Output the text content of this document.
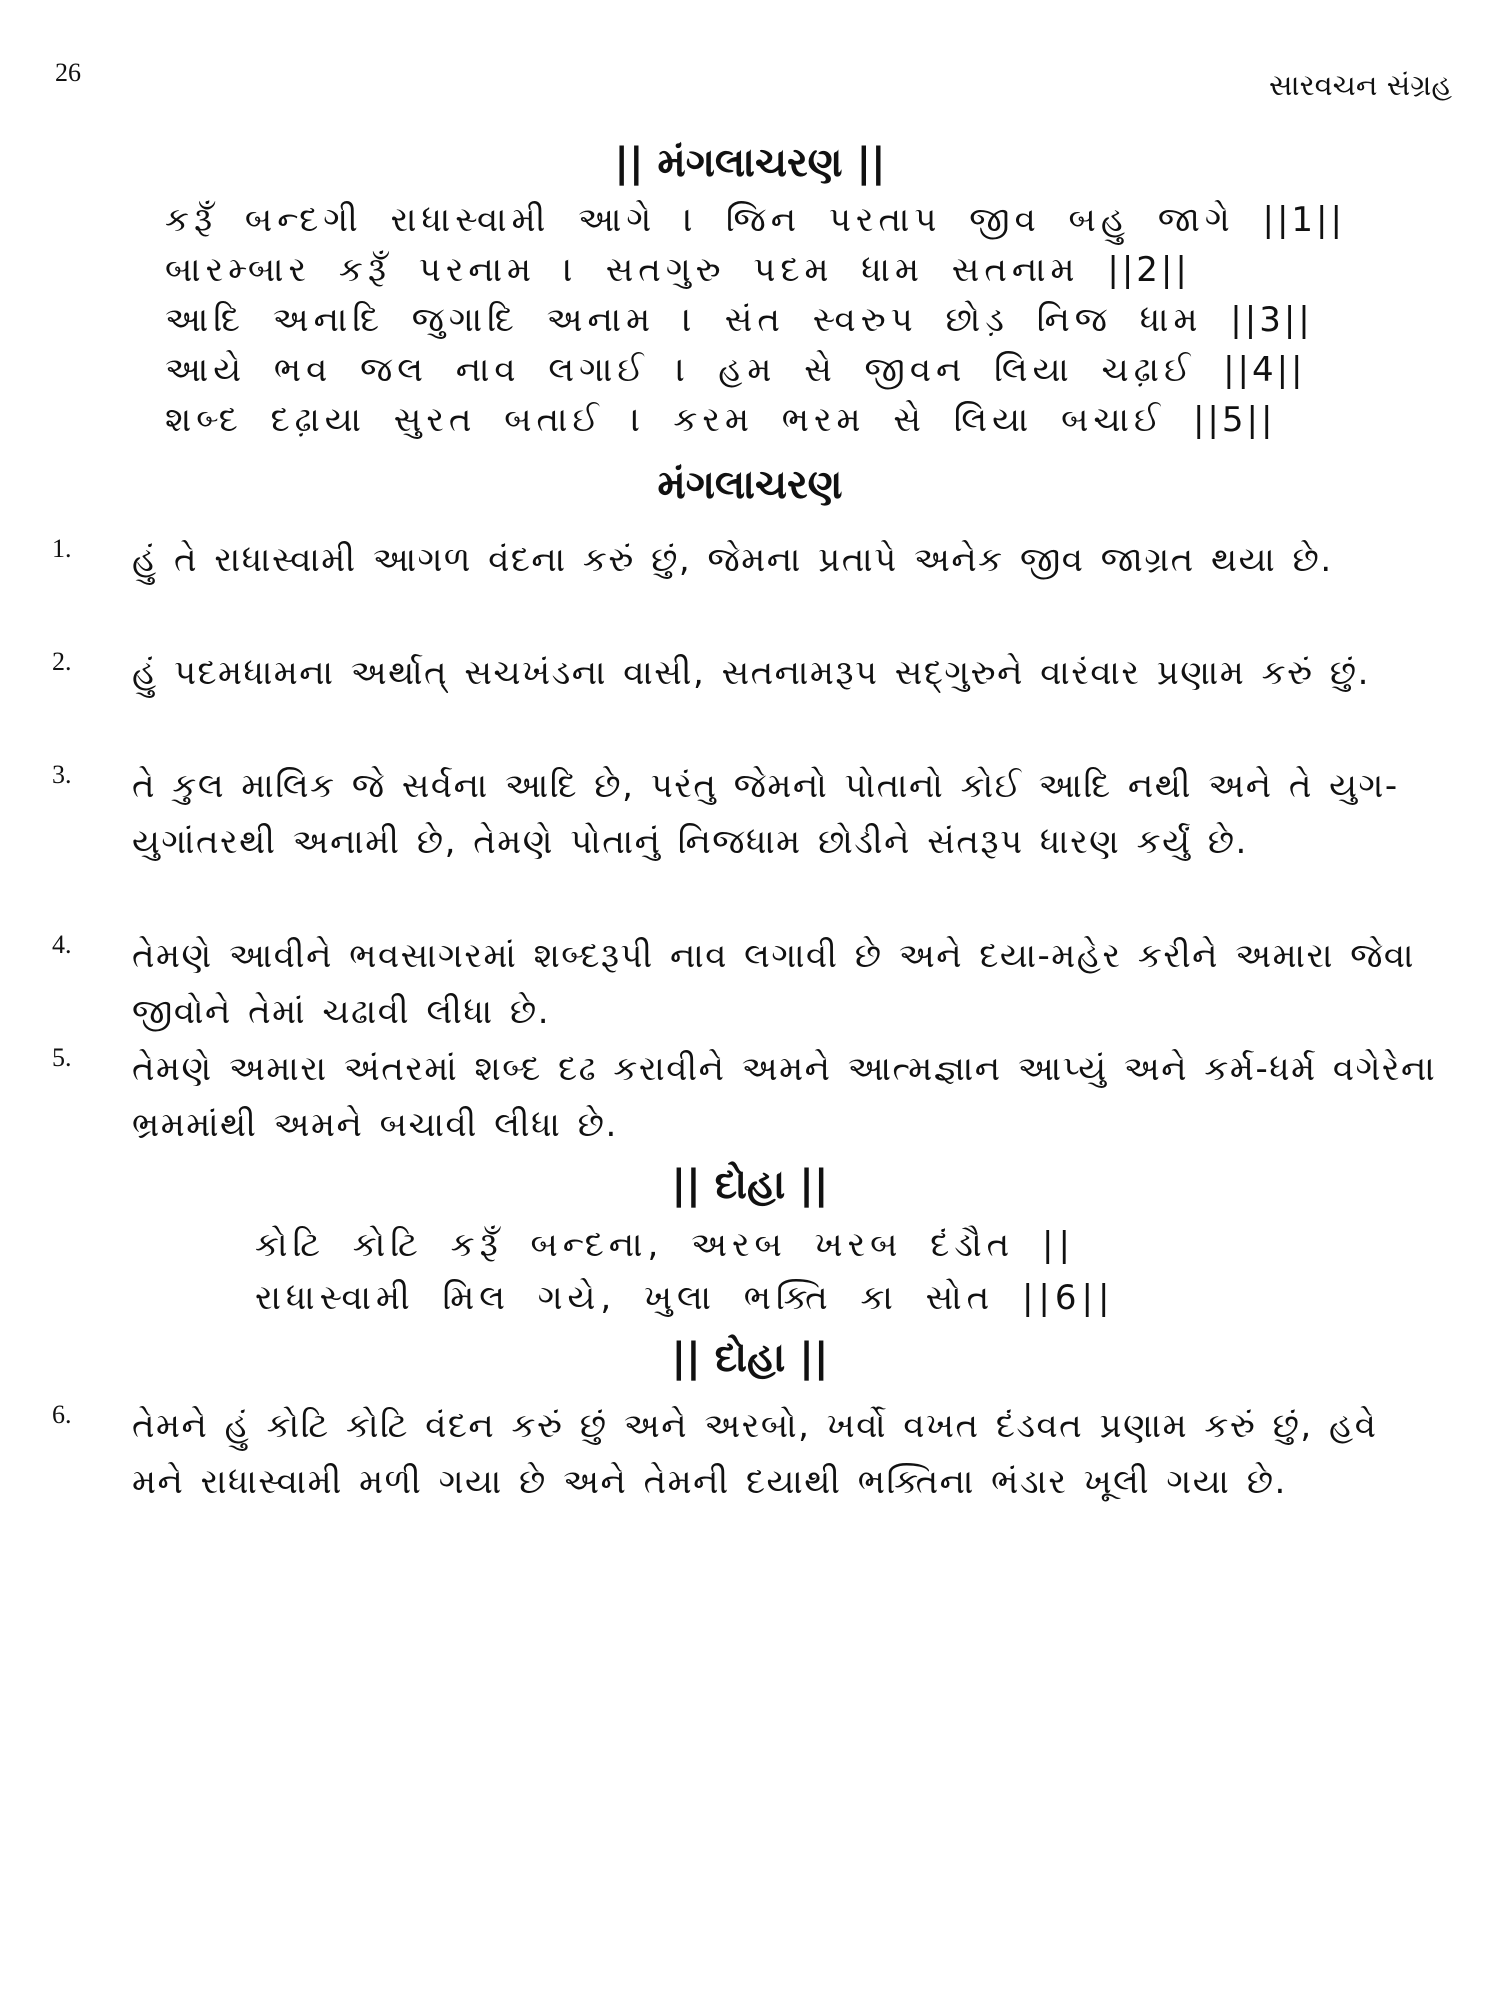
26	સારવચન સંગ્રહ
|| મંગલાચરણ ||
કરૂઁ બન્દગી રાધાસ્વામી આગે । જિન પરતાપ જીવ બહુ જાગે ||1||
બારમ્બાર કરૂઁ પરનામ । સતગુરુ પદમ ધામ સતનામ ||2||
આદિ અનાદિ જુગાદિ અનામ । સંત સ્વરુપ છોડ઼ નિજ ધામ ||3||
આયે ભવ જલ નાવ લગાઈ । હમ સે જીવન લિયા ચઢ઼ાઈ ||4||
શબ્દ દઢ઼ાયા સુરત બતાઈ । કરમ ભરમ સે લિયા બચાઈ ||5||
મંગલાચરણ
1. હું તે રાધાસ્વામી આગળ વંદના કરું છું, જેમના પ્રતાપે અનેક જીવ જાગ્રત થયા છે.
2. હું પદમધામના અર્થાત્ સચખંડના વાસી, સતનામરૂપ સદ્ગુરુને વારંવાર પ્રણામ કરું છું.
3. તે કુલ માલિક જે સર્વના આદિ છે, પરંતુ જેમનો પોતાનો કોઈ આદિ નથી અને તે યુગ-યુગાંતરથી અનામી છે, તેમણે પોતાનું નિજધામ છોડીને સંતરૂપ ધારણ કર્યું છે.
4. તેમણે આવીને ભવસાગરમાં શબ્દરૂપી નાવ લગાવી છે અને દયા-મહેર કરીને અમારા જેવા જીવોને તેમાં ચઢાવી લીધા છે.
5. તેમણે અમારા અંતરમાં શબ્દ દઢ કરાવીને અમને આત્મજ્ઞાન આપ્યું અને કર્મ-ધર્મ વગેરેના ભ્રમમાંથી અમને બચાવી લીધા છે.
|| દોહા ||
કોટિ કોટિ કરૂઁ બન્દના, અરબ ખરબ દંડૌત ||
રાધાસ્વામી મિલ ગયે, ખુલા ભક્તિ કા સોત ||6||
|| દોહા ||
6. તેમને હું કોટિ કોટિ વંદન કરું છું અને અરબો, ખર્વો વખત દંડવત પ્રણામ કરું છું, હવે મને રાધાસ્વામી મળી ગયા છે અને તેમની દયાથી ભક્તિના ભંડાર ખૂલી ગયા છે.
